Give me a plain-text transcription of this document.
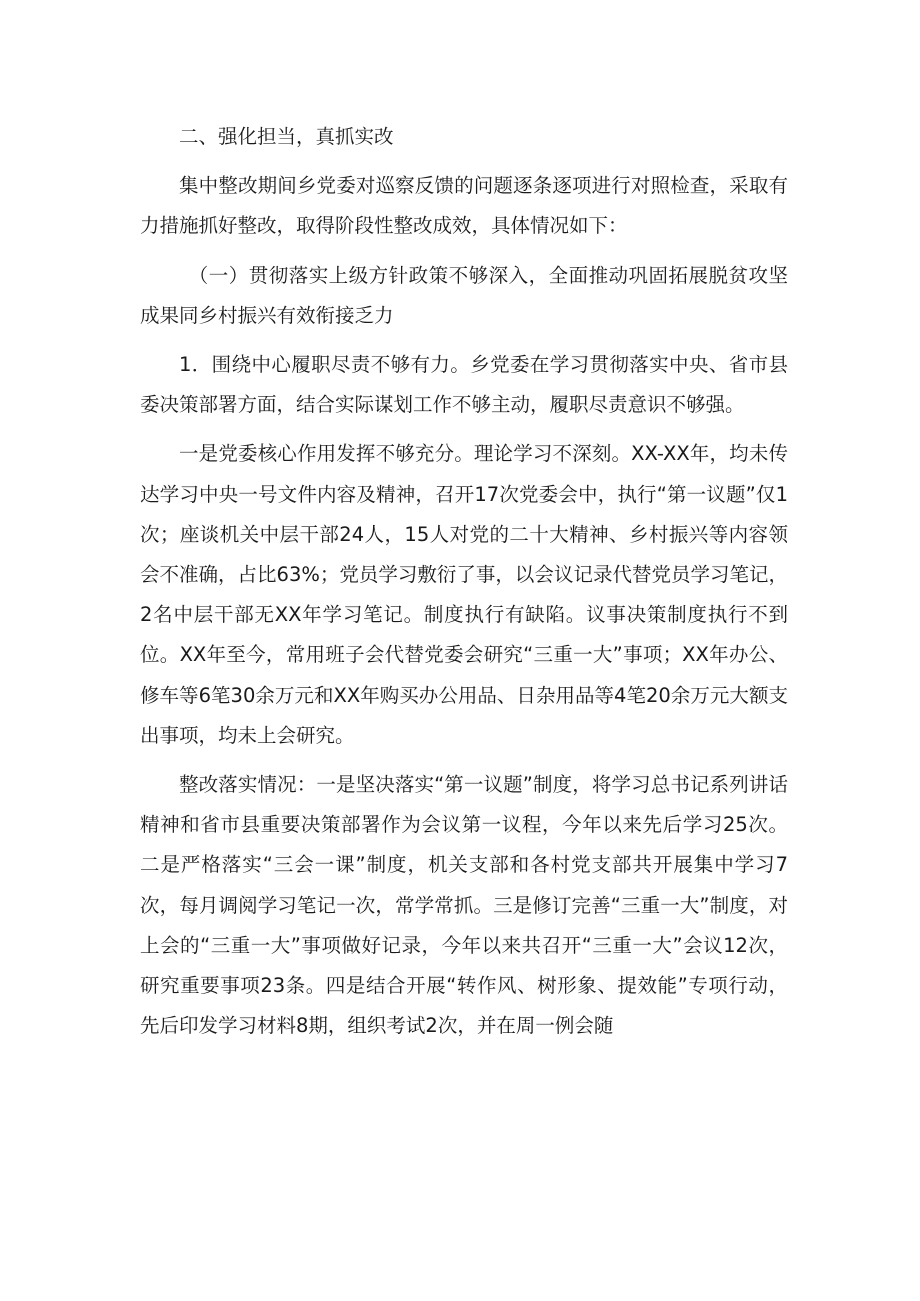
二、强化担当，真抓实改

集中整改期间乡党委对巡察反馈的问题逐条逐项进行对照检查，采取有力措施抓好整改，取得阶段性整改成效，具体情况如下：

（一）贯彻落实上级方针政策不够深入，全面推动巩固拓展脱贫攻坚成果同乡村振兴有效衔接乏力

1．围绕中心履职尽责不够有力。乡党委在学习贯彻落实中央、省市县委决策部署方面，结合实际谋划工作不够主动，履职尽责意识不够强。

一是党委核心作用发挥不够充分。理论学习不深刻。XX-XX年，均未传达学习中央一号文件内容及精神，召开17次党委会中，执行“第一议题”仅1次；座谈机关中层干部24人，15人对党的二十大精神、乡村振兴等内容领会不准确，占比63%；党员学习敷衍了事，以会议记录代替党员学习笔记，2名中层干部无XX年学习笔记。制度执行有缺陷。议事决策制度执行不到位。XX年至今，常用班子会代替党委会研究“三重一大”事项；XX年办公、修车等6笔30余万元和XX年购买办公用品、日杂用品等4笔20余万元大额支出事项，均未上会研究。

整改落实情况：一是坚决落实“第一议题”制度，将学习总书记系列讲话精神和省市县重要决策部署作为会议第一议程，今年以来先后学习25次。二是严格落实“三会一课”制度，机关支部和各村党支部共开展集中学习7次，每月调阅学习笔记一次，常学常抓。三是修订完善“三重一大”制度，对上会的“三重一大”事项做好记录，今年以来共召开“三重一大”会议12次，研究重要事项23条。四是结合开展“转作风、树形象、提效能”专项行动，先后印发学习材料8期，组织考试2次，并在周一例会随
